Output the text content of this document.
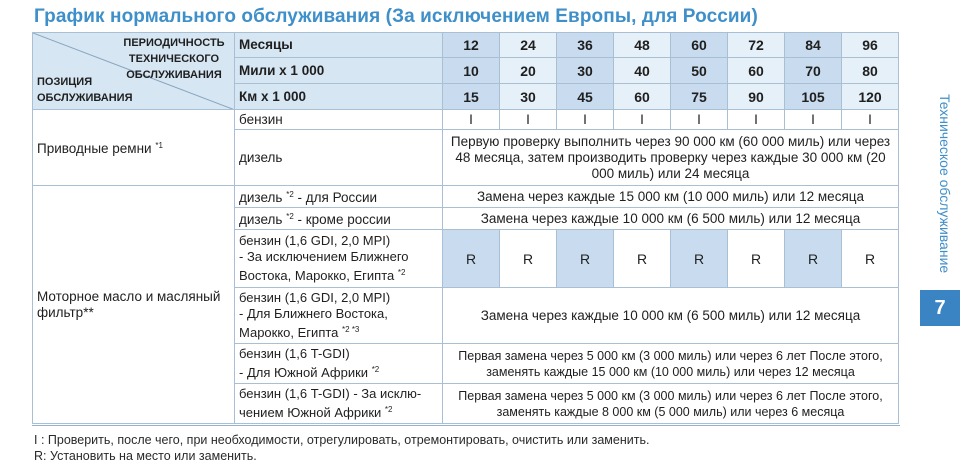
График нормального обслуживания (За исключением Европы, для России)
ПЕРИОДИЧНОСТЬ ТЕХНИЧЕСКОГО ОБСЛУЖИВАНИЯ
ПОЗИЦИЯ ОБСЛУЖИВАНИЯ	Месяцы	12	24	36	48	60	72	84	96
	Мили x 1 000	10	20	30	40	50	60	70	80
	Км x 1 000	15	30	45	60	75	90	105	120
Приводные ремни $^{*1}$	бензин	I	I	I	I	I	I	I	I
	дизель	Первую проверку выполнить через 90 000 км (60 000 миль) или через 48 месяца, затем производить проверку через каждые 30 000 км (20 000 миль) или 24 месяца							
Моторное масло и масляный фильтр**	дизель $^{*2}$ - для России	Замена через каждые 15 000 км (10 000 миль) или 12 месяца							
	дизель $^{*2}$ - кроме россии	Замена через каждые 10 000 км (6 500 миль) или 12 месяца							

	бензин (1,6 GDI, 2,0 MPI)
- За исключением Ближнего
Востока, Марокко, Египта $^{*2}$	R	R	R	R	R	R	R	R

	бензин (1,6 GDI, 2,0 MPI)
- Для Ближнего Востока,
Марокко, Египта $^{*2 *3}$	Замена через каждые 10 000 км (6 500 миль) или 12 месяца							

	бензин (1,6 T-GDI)
- Для Южной Африки $^{*2}$	Первая замена через 5 000 км (3 000 миль) или через 6 лет После этого, заменять каждые 15 000 км (10 000 миль) или через 12 месяца							

	бензин (1,6 T-GDI) - За исклю-
чением Южной Африки $^{*2}$	Первая замена через 5 000 км (3 000 миль) или через 6 лет После этого, заменять каждые 8 000 км (5 000 миль) или через 6 месяца							
I : Проверить, после чего, при необходимости, отрегулировать, отремонтировать, очистить или заменить.
R: Установить на место или заменить.
Техническое обслуживание
7
